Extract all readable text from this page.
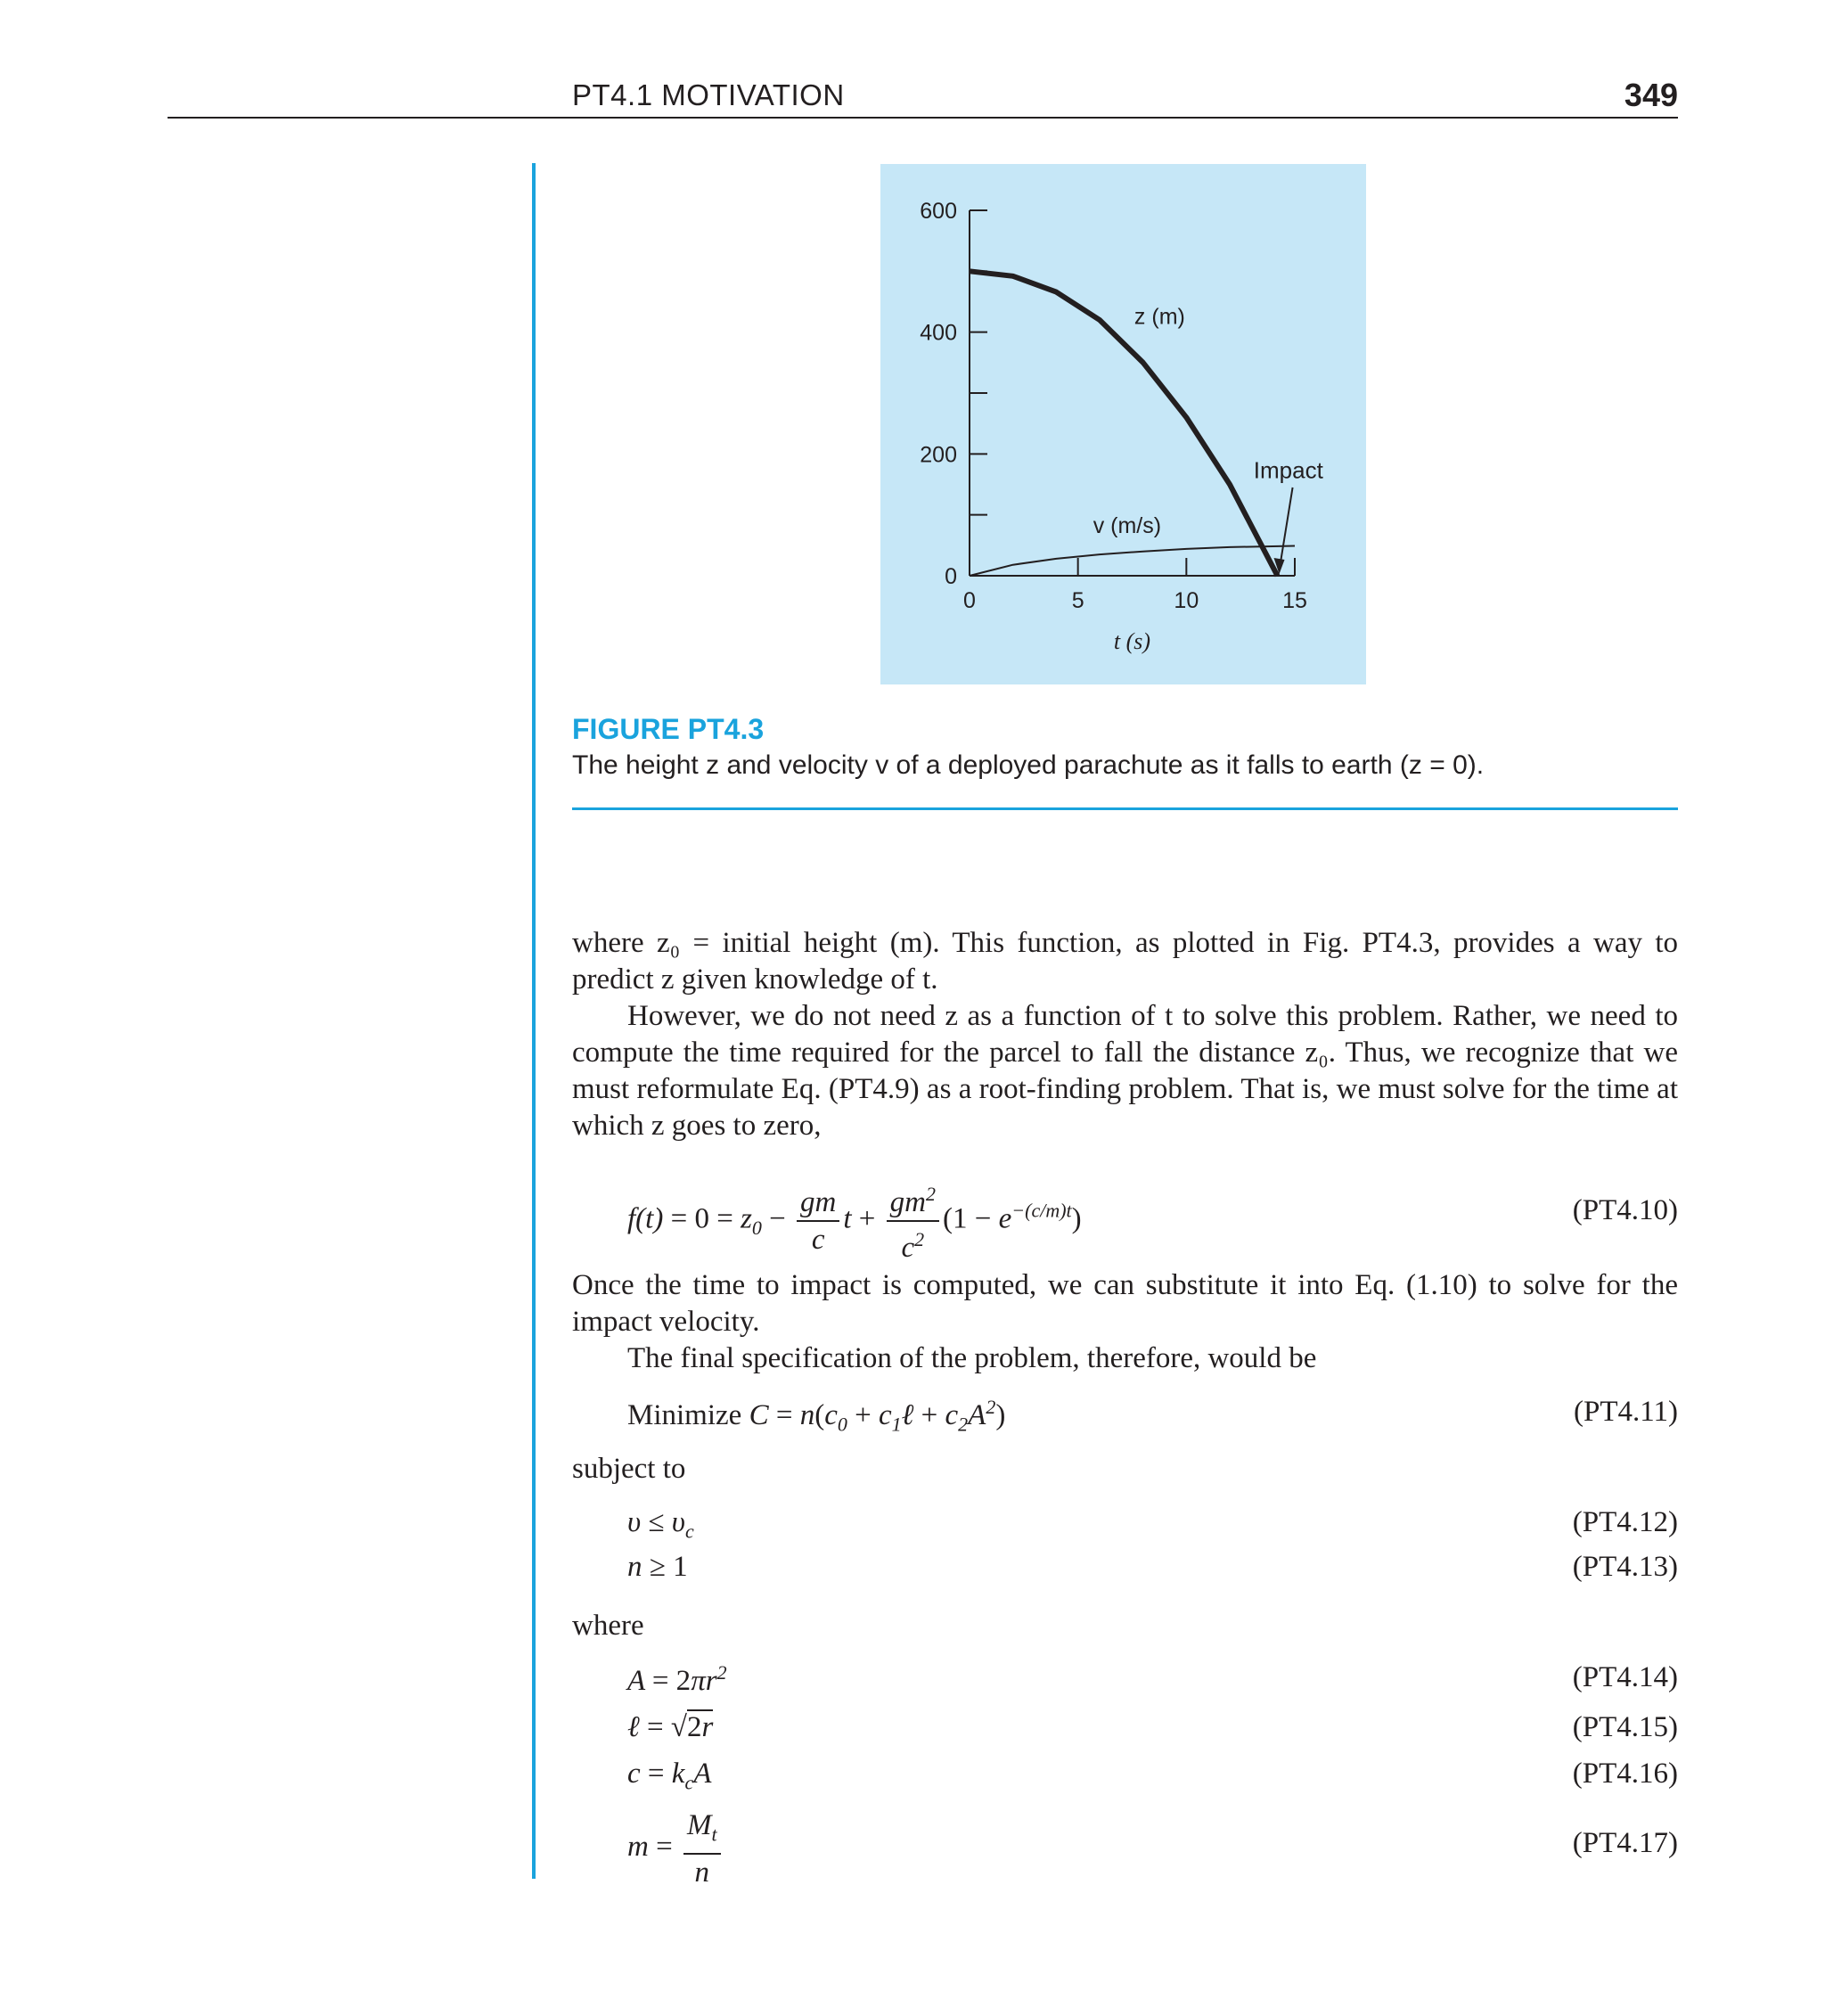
PT4.1 MOTIVATION	349
0
200
400
600
0	5	10	15
t (s)
z (m)
v (m/s)
Impact
FIGURE PT4.3
The height z and velocity v of a deployed parachute as it falls to earth (z = 0).

where z₀ = initial height (m). This function, as plotted in Fig. PT4.3, provides a way to predict z given knowledge of t.

However, we do not need z as a function of t to solve this problem. Rather, we need to compute the time required for the parcel to fall the distance z₀. Thus, we recognize that we must reformulate Eq. (PT4.9) as a root-finding problem. That is, we must solve for the time at which z goes to zero,

$f(t) = 0 = z_0 - \frac{gm}{c}$ $t + \frac{gm^2}{c^2} (1 - e^{-(c/m)t})$	(PT4.10)

Once the time to impact is computed, we can substitute it into Eq. (1.10) to solve for the impact velocity.

The final specification of the problem, therefore, would be

Minimize $C = n(c_0$ + $c_1\ell + c_2A^2$)	(PT4.11)
subject to
$\upsilon \le \upsilon_c$	(PT4.12)
n ≥ 1	(PT4.13)
where
$A = 2\pi r^2$	(PT4.14)
ℓ = √2r	(PT4.15)
$c = k_cA$	(PT4.16)
$m = \frac{M_t}{n}$	(PT4.17)
